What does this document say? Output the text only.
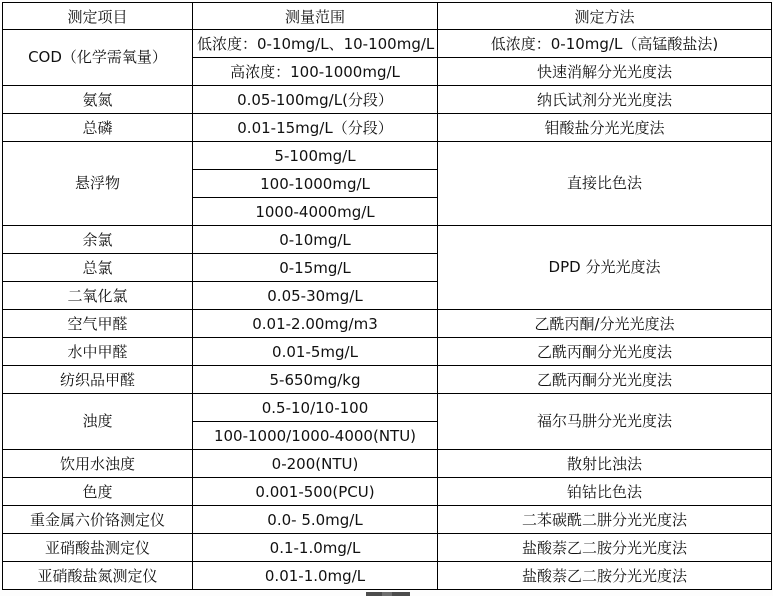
测定项目	测量范围	测定方法
COD（化学需氧量）	低浓度：0-10mg/L、10-100mg/L	低浓度：0-10mg/L（高锰酸盐法)
	高浓度：100-1000mg/L	快速消解分光光度法
氨氮	0.05-100mg/L(分段）	纳氏试剂分光光度法
总磷	0.01-15mg/L（分段）	钼酸盐分光光度法
悬浮物	5-100mg/L	直接比色法
	100-1000mg/L	
	1000-4000mg/L	
余氯	0-10mg/L	DPD 分光光度法
总氯	0-15mg/L	
二氧化氯	0.05-30mg/L	
空气甲醛	0.01-2.00mg/m3	乙酰丙酮/分光光度法
水中甲醛	0.01-5mg/L	乙酰丙酮分光光度法
纺织品甲醛	5-650mg/kg	乙酰丙酮分光光度法
浊度	0.5-10/10-100	福尔马肼分光光度法
	100-1000/1000-4000(NTU)	
饮用水浊度	0-200(NTU)	散射比浊法
色度	0.001-500(PCU)	铂钴比色法
重金属六价铬测定仪	0.0- 5.0mg/L	二苯碳酰二肼分光光度法
亚硝酸盐测定仪	0.1-1.0mg/L	盐酸萘乙二胺分光光度法
亚硝酸盐氮测定仪	0.01-1.0mg/L	盐酸萘乙二胺分光光度法
